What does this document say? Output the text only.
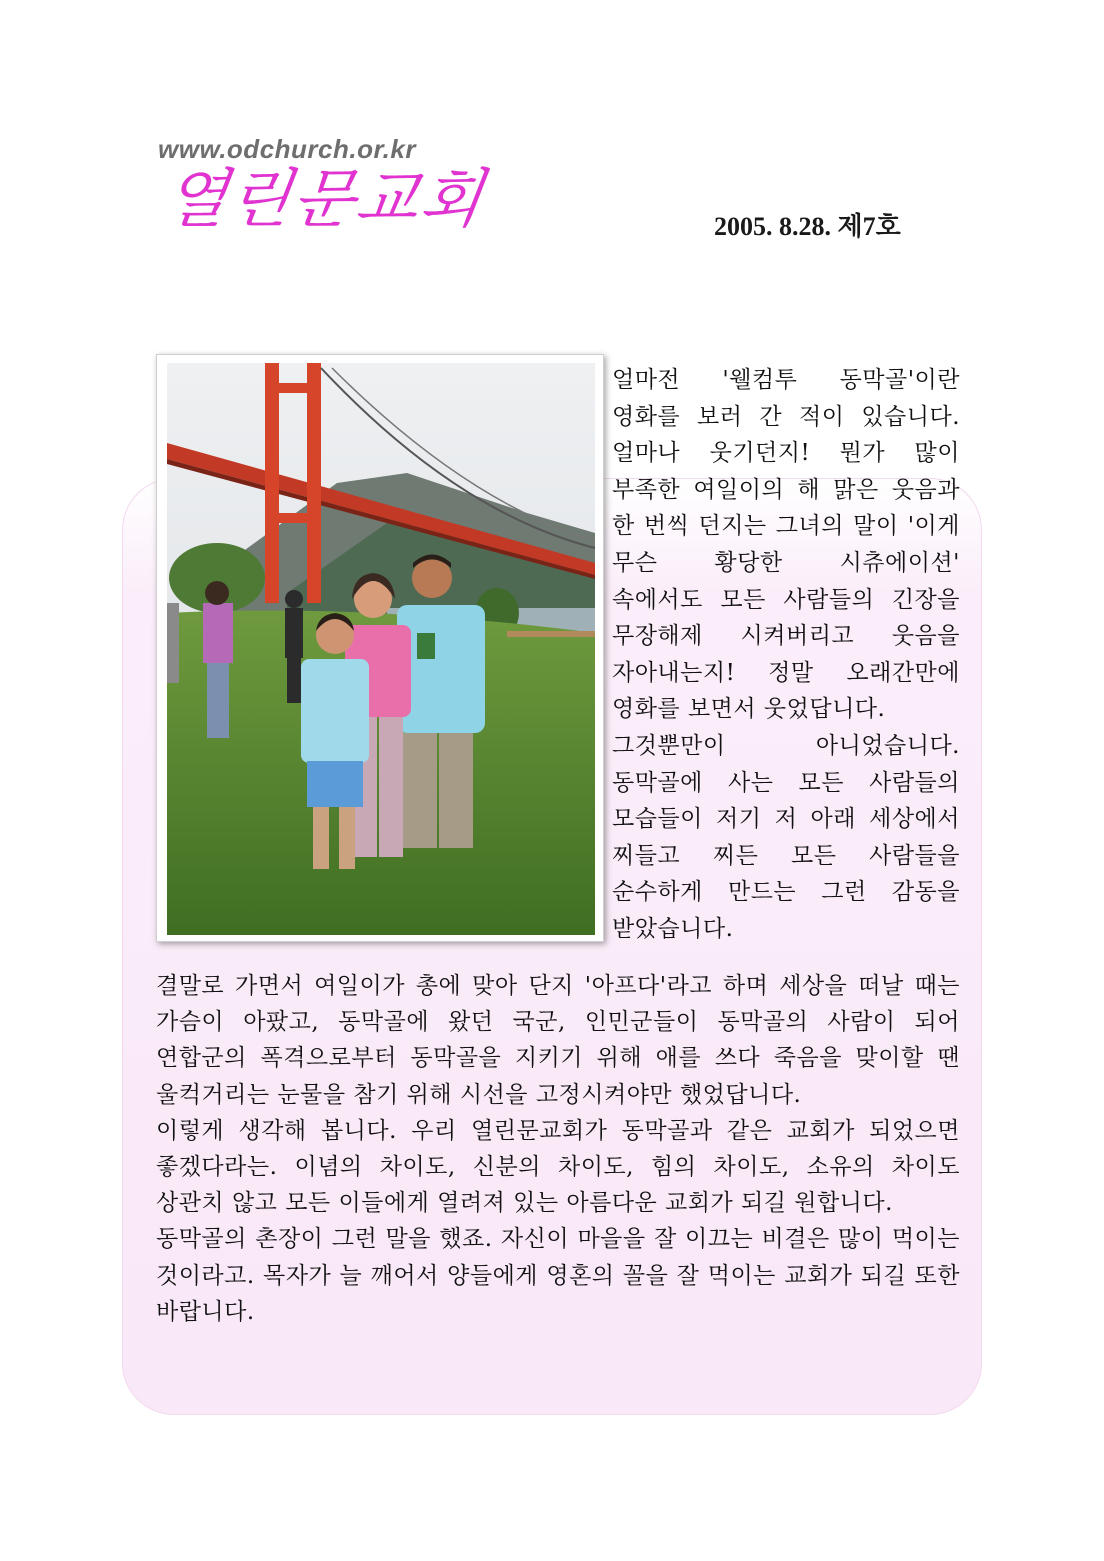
www.odchurch.or.kr
열린문교회	2005. 8.28. 제7호

얼마전 '웰컴투 동막골'이란 영화를 보러 간 적이 있습니다. 얼마나 웃기던지! 뭔가 많이 부족한 여일이의 해 맑은 웃음과 한 번씩 던지는 그녀의 말이 '이게 무슨 황당한 시츄에이션' 속에서도 모든 사람들의 긴장을 무장해제 시켜버리고 웃음을 자아내는지! 정말 오래간만에 영화를 보면서 웃었답니다.

그것뿐만이 아니었습니다. 동막골에 사는 모든 사람들의 모습들이 저기 저 아래 세상에서 찌들고 찌든 모든 사람들을 순수하게 만드는 그런 감동을 받았습니다.

결말로 가면서 여일이가 총에 맞아 단지 '아프다'라고 하며 세상을 떠날 때는 가슴이 아팠고, 동막골에 왔던 국군, 인민군들이 동막골의 사람이 되어 연합군의 폭격으로부터 동막골을 지키기 위해 애를 쓰다 죽음을 맞이할 땐 울컥거리는 눈물을 참기 위해 시선을 고정시켜야만 했었답니다.

이렇게 생각해 봅니다. 우리 열린문교회가 동막골과 같은 교회가 되었으면 좋겠다라는. 이념의 차이도, 신분의 차이도, 힘의 차이도, 소유의 차이도 상관치 않고 모든 이들에게 열려져 있는 아름다운 교회가 되길 원합니다.

동막골의 촌장이 그런 말을 했죠. 자신이 마을을 잘 이끄는 비결은 많이 먹이는 것이라고. 목자가 늘 깨어서 양들에게 영혼의 꼴을 잘 먹이는 교회가 되길 또한 바랍니다.
